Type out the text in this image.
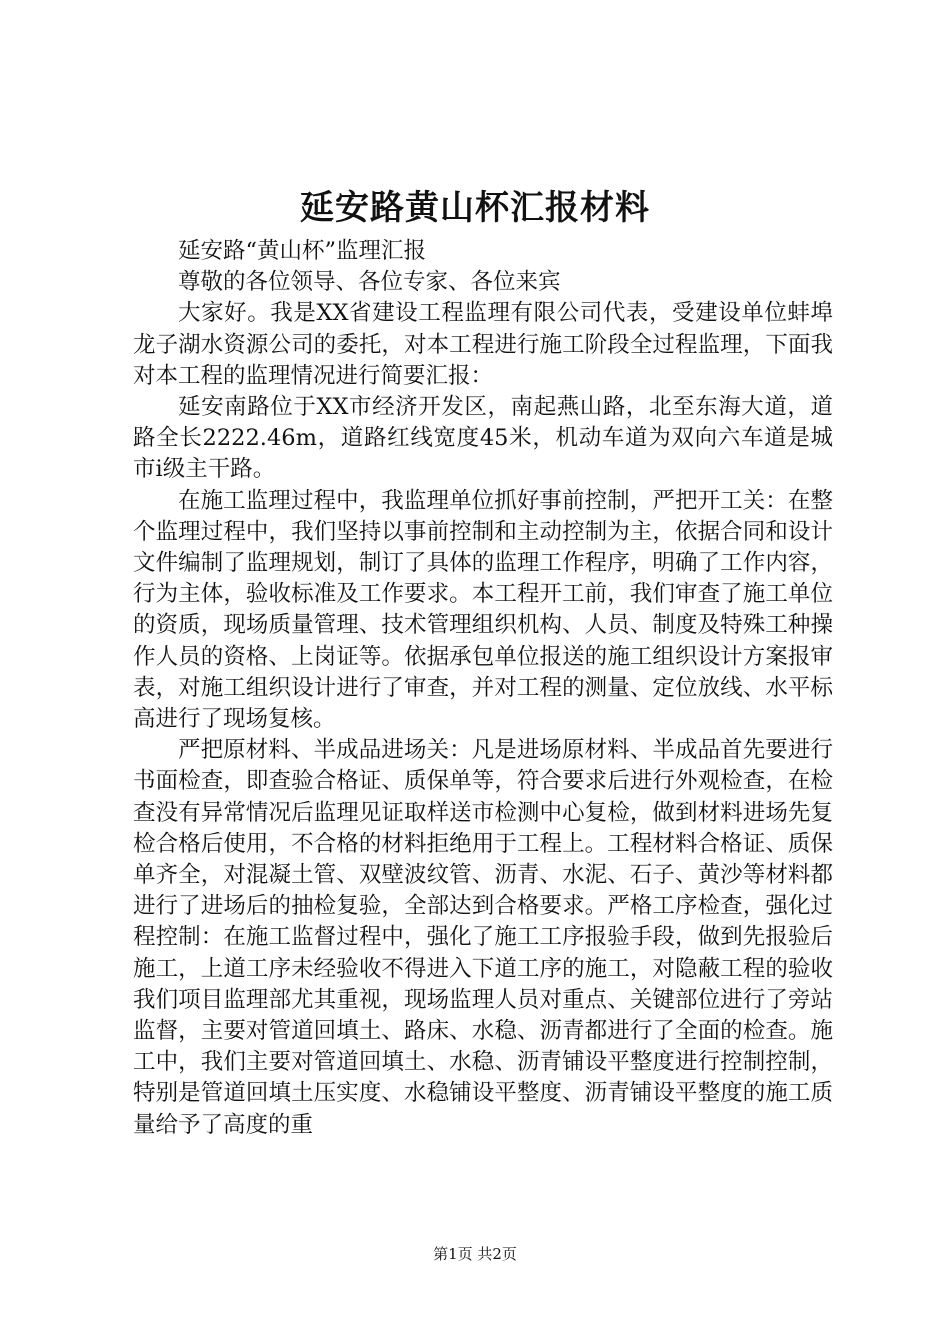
延安路黄山杯汇报材料

延安路“黄山杯”监理汇报

尊敬的各位领导、各位专家、各位来宾

大家好。我是XX省建设工程监理有限公司代表，受建设单位蚌埠龙子湖水资源公司的委托，对本工程进行施工阶段全过程监理，下面我对本工程的监理情况进行简要汇报：

延安南路位于XX市经济开发区，南起燕山路，北至东海大道，道路全长2222.46m，道路红线宽度45米，机动车道为双向六车道是城市i级主干路。

在施工监理过程中，我监理单位抓好事前控制，严把开工关：在整个监理过程中，我们坚持以事前控制和主动控制为主，依据合同和设计文件编制了监理规划，制订了具体的监理工作程序，明确了工作内容，行为主体，验收标准及工作要求。本工程开工前，我们审查了施工单位的资质，现场质量管理、技术管理组织机构、人员、制度及特殊工种操作人员的资格、上岗证等。依据承包单位报送的施工组织设计方案报审表，对施工组织设计进行了审查，并对工程的测量、定位放线、水平标高进行了现场复核。

严把原材料、半成品进场关：凡是进场原材料、半成品首先要进行书面检查，即查验合格证、质保单等，符合要求后进行外观检查，在检查没有异常情况后监理见证取样送市检测中心复检，做到材料进场先复检合格后使用，不合格的材料拒绝用于工程上。工程材料合格证、质保单齐全，对混凝土管、双壁波纹管、沥青、水泥、石子、黄沙等材料都进行了进场后的抽检复验，全部达到合格要求。严格工序检查，强化过程控制：在施工监督过程中，强化了施工工序报验手段，做到先报验后施工，上道工序未经验收不得进入下道工序的施工，对隐蔽工程的验收我们项目监理部尤其重视，现场监理人员对重点、关键部位进行了旁站监督，主要对管道回填土、路床、水稳、沥青都进行了全面的检查。施工中，我们主要对管道回填土、水稳、沥青铺设平整度进行控制控制，特别是管道回填土压实度、水稳铺设平整度、沥青铺设平整度的施工质量给予了高度的重

第1页 共2页
